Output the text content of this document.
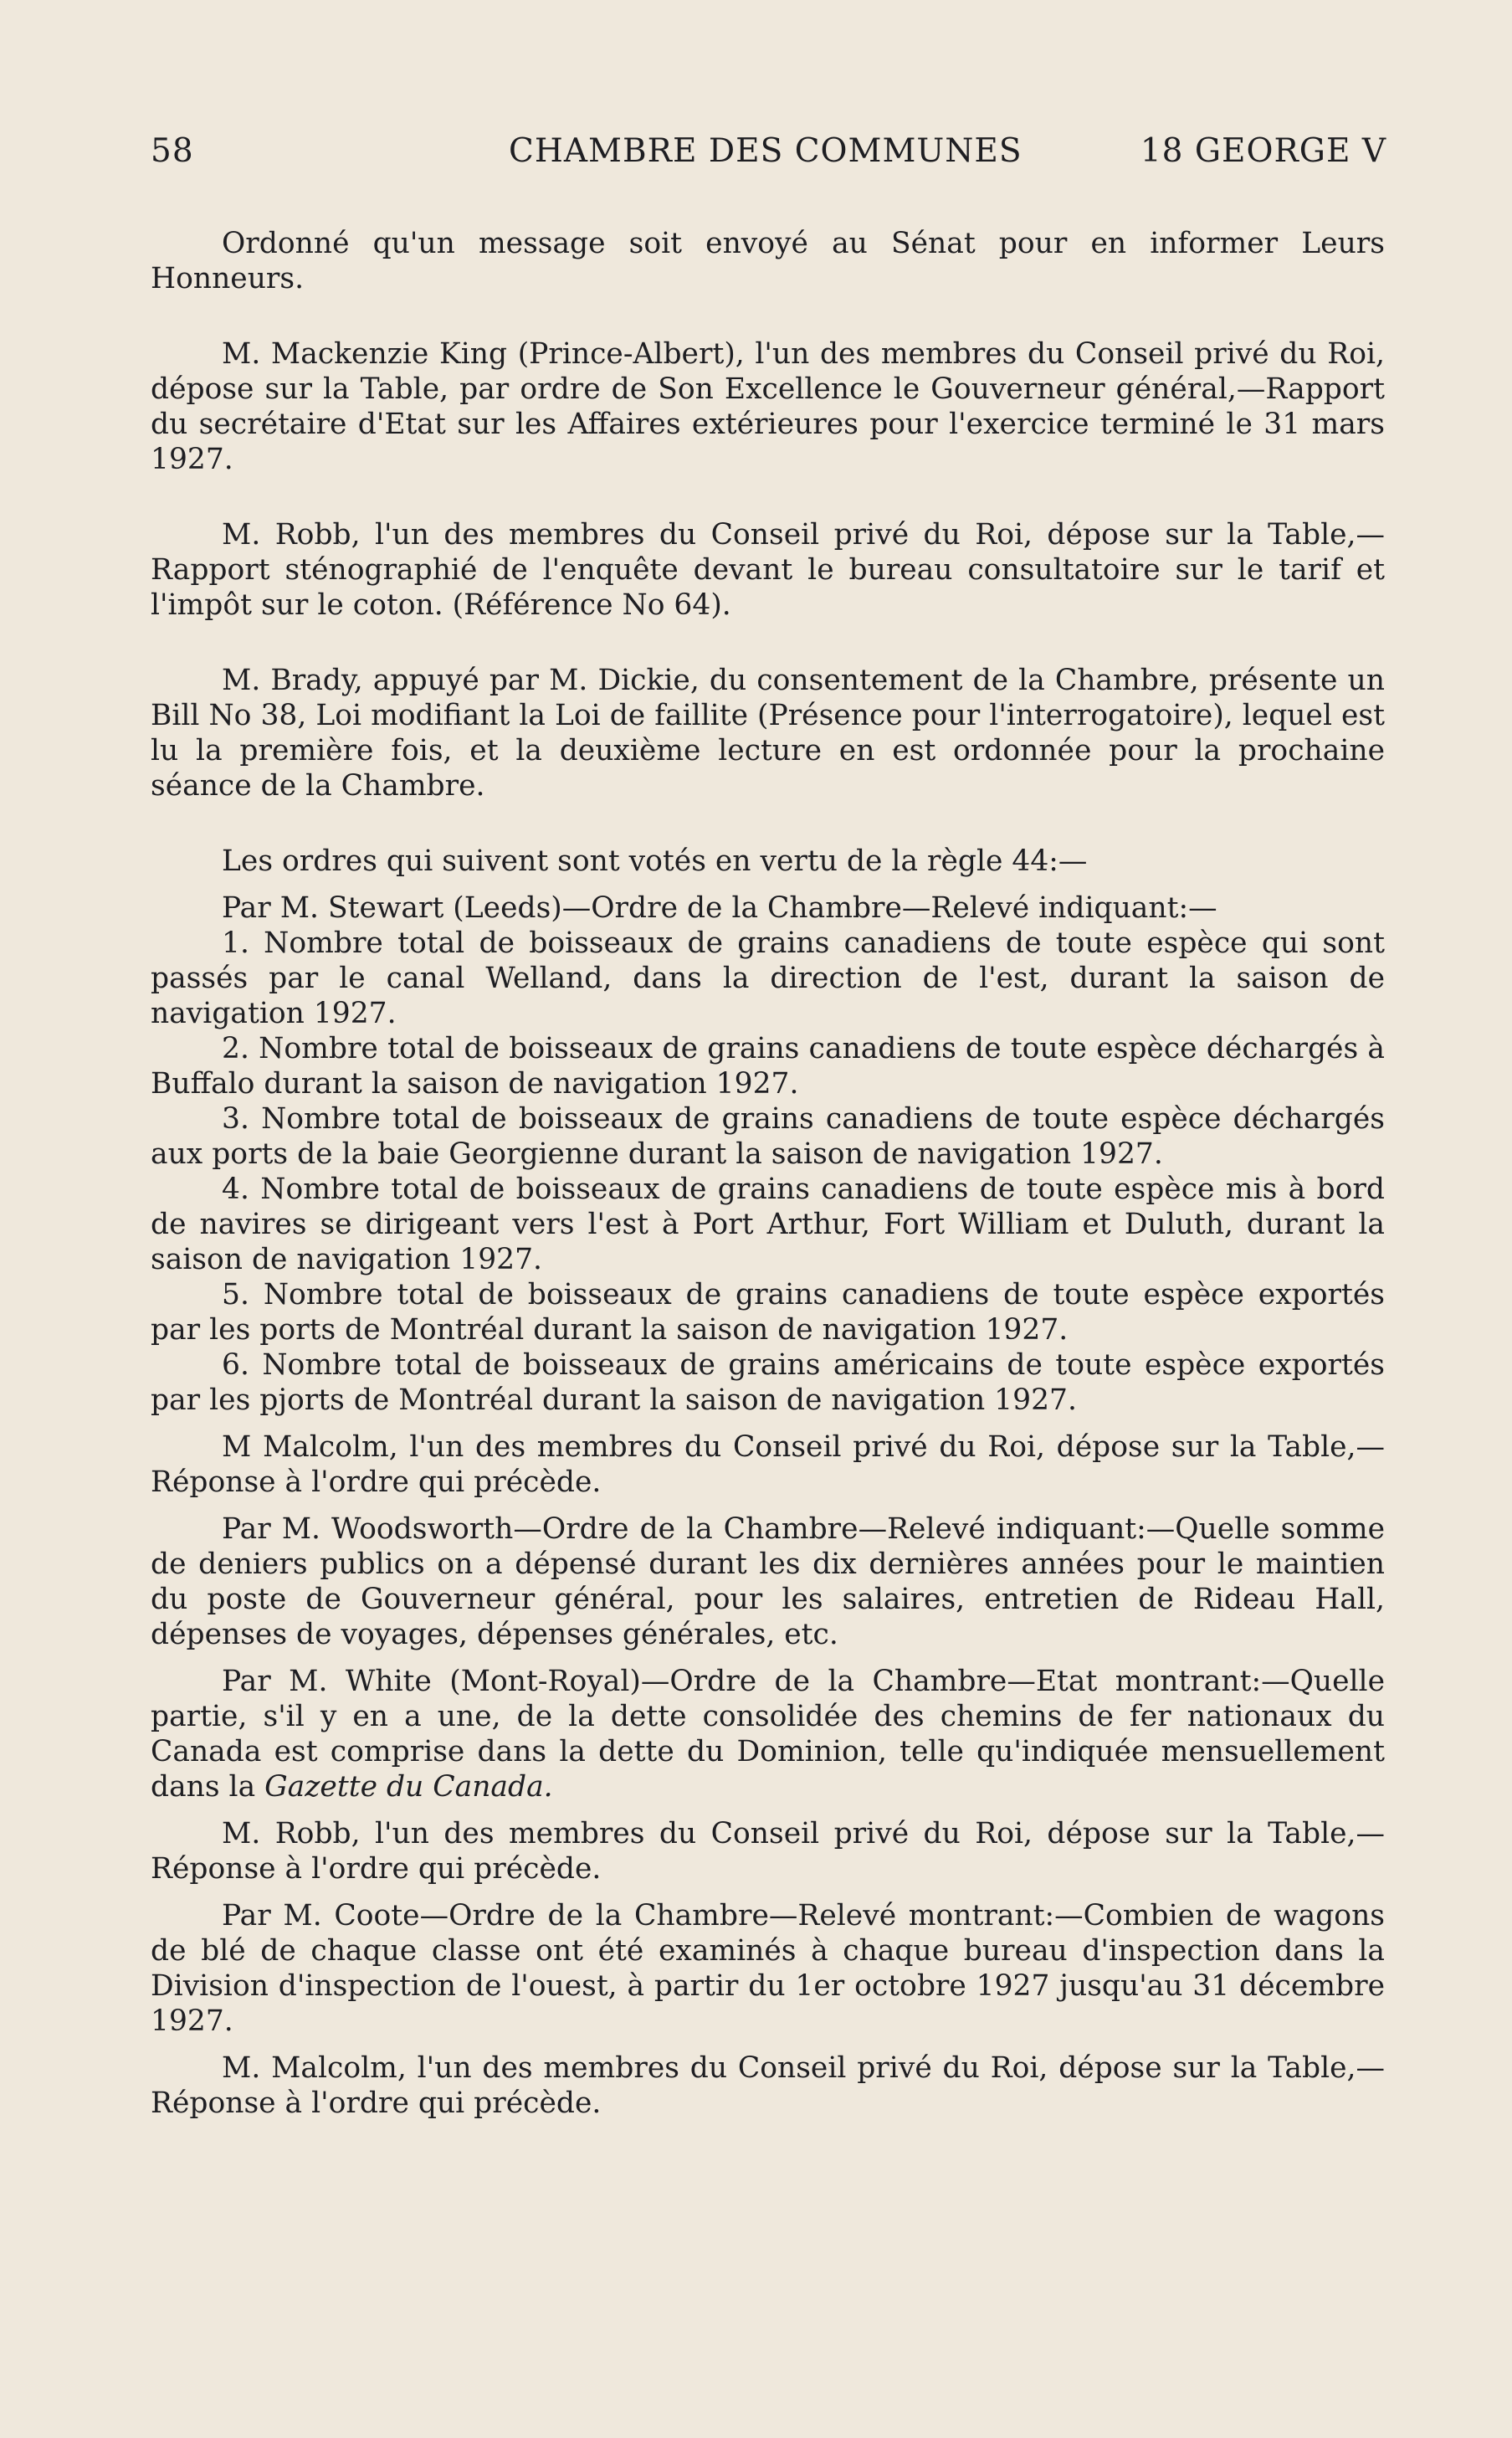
58	CHAMBRE DES COMMUNES	18 GEORGE V

Ordonné qu'un message soit envoyé au Sénat pour en informer Leurs Honneurs.

M. Mackenzie King (Prince-Albert), l'un des membres du Conseil privé du Roi, dépose sur la Table, par ordre de Son Excellence le Gouverneur général,—Rapport du secrétaire d'Etat sur les Affaires extérieures pour l'exercice terminé le 31 mars 1927.

M. Robb, l'un des membres du Conseil privé du Roi, dépose sur la Table,—Rapport sténographié de l'enquête devant le bureau consultatoire sur le tarif et l'impôt sur le coton. (Référence No 64).

M. Brady, appuyé par M. Dickie, du consentement de la Chambre, présente un Bill No 38, Loi modifiant la Loi de faillite (Présence pour l'interrogatoire), lequel est lu la première fois, et la deuxième lecture en est ordonnée pour la prochaine séance de la Chambre.

Les ordres qui suivent sont votés en vertu de la règle 44:—

Par M. Stewart (Leeds)—Ordre de la Chambre—Relevé indiquant:—

1. Nombre total de boisseaux de grains canadiens de toute espèce qui sont passés par le canal Welland, dans la direction de l'est, durant la saison de navigation 1927.

2. Nombre total de boisseaux de grains canadiens de toute espèce déchargés à Buffalo durant la saison de navigation 1927.

3. Nombre total de boisseaux de grains canadiens de toute espèce déchargés aux ports de la baie Georgienne durant la saison de navigation 1927.

4. Nombre total de boisseaux de grains canadiens de toute espèce mis à bord de navires se dirigeant vers l'est à Port Arthur, Fort William et Duluth, durant la saison de navigation 1927.

5. Nombre total de boisseaux de grains canadiens de toute espèce exportés par les ports de Montréal durant la saison de navigation 1927.

6. Nombre total de boisseaux de grains américains de toute espèce exportés par les pjorts de Montréal durant la saison de navigation 1927.

M Malcolm, l'un des membres du Conseil privé du Roi, dépose sur la Table,—Réponse à l'ordre qui précède.

Par M. Woodsworth—Ordre de la Chambre—Relevé indiquant:—Quelle somme de deniers publics on a dépensé durant les dix dernières années pour le maintien du poste de Gouverneur général, pour les salaires, entretien de Rideau Hall, dépenses de voyages, dépenses générales, etc.

Par M. White (Mont-Royal)—Ordre de la Chambre—Etat montrant:—Quelle partie, s'il y en a une, de la dette consolidée des chemins de fer nationaux du Canada est comprise dans la dette du Dominion, telle qu'indiquée mensuellement dans la Gazette du Canada.

M. Robb, l'un des membres du Conseil privé du Roi, dépose sur la Table,—Réponse à l'ordre qui précède.

Par M. Coote—Ordre de la Chambre—Relevé montrant:—Combien de wagons de blé de chaque classe ont été examinés à chaque bureau d'inspection dans la Division d'inspection de l'ouest, à partir du 1er octobre 1927 jusqu'au 31 décembre 1927.

M. Malcolm, l'un des membres du Conseil privé du Roi, dépose sur la Table,—Réponse à l'ordre qui précède.
